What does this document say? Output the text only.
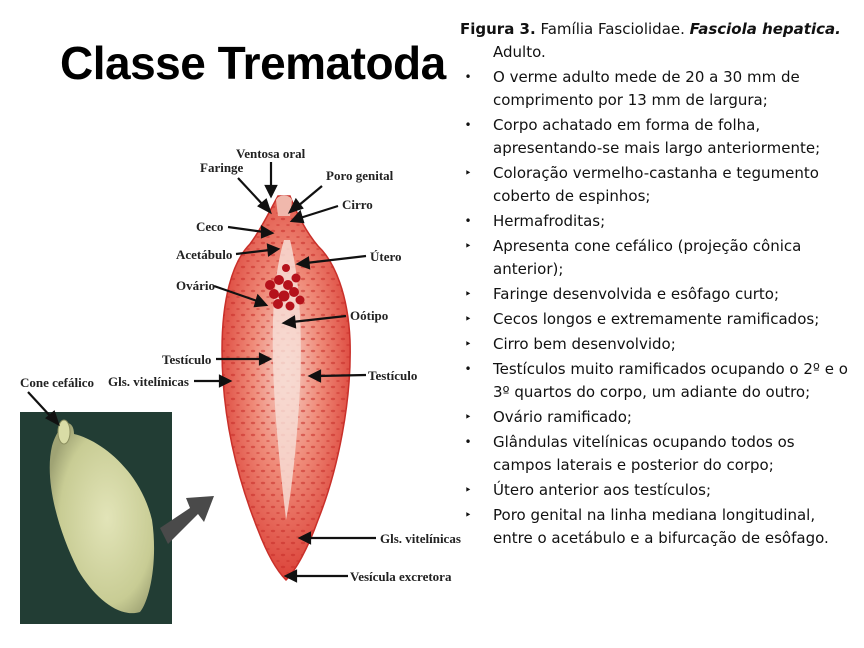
Classe Trematoda
Ventosa oral
Faringe
Poro genital
Cirro
Ceco
Acetábulo	Útero
Ovário
Oótipo
Testículo
Testículo
Gls. vitelínicas
Cone cefálico
Gls. vitelínicas
Vesícula excretora

Figura 3. Família Fasciolidae. Fasciola hepatica. Adulto.

• O verme adulto mede de 20 a 30 mm de comprimento por 13 mm de largura;
• Corpo achatado em forma de folha, apresentando-se mais largo anteriormente;
‣ Coloração vermelho-castanha e tegumento coberto de espinhos;
• Hermafroditas;
‣ Apresenta cone cefálico (projeção cônica anterior);
‣ Faringe desenvolvida e esôfago curto;
‣ Cecos longos e extremamente ramificados;
‣ Cirro bem desenvolvido;
• Testículos muito ramificados ocupando o 2º e o 3º quartos do corpo, um adiante do outro;
‣ Ovário ramificado;
• Glândulas vitelínicas ocupando todos os campos laterais e posterior do corpo;
‣ Útero anterior aos testículos;
‣ Poro genital na linha mediana longitudinal, entre o acetábulo e a bifurcação de esôfago.
